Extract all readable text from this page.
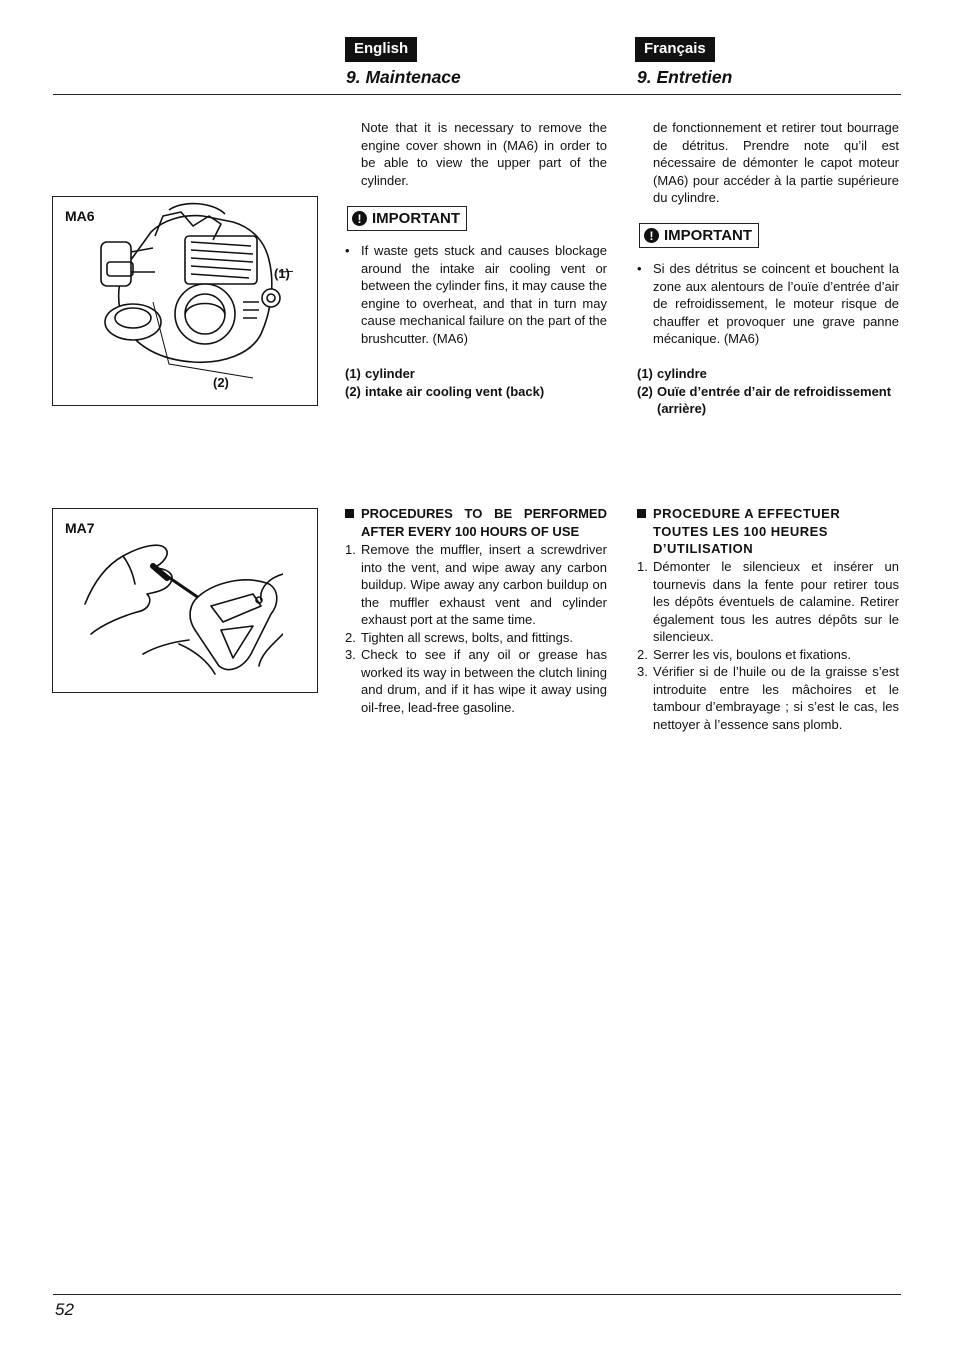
English	Français
9. Maintenace	9. Entretien
MA6
(1)
(2)
MA7
Note that it is necessary to remove the engine cover shown in (MA6) in order to be able to view the upper part of the cylinder.
! IMPORTANT
• If waste gets stuck and causes blockage around the intake air cooling vent or between the cylinder fins, it may cause the engine to overheat, and that in turn may cause mechanical failure on the part of the brushcutter. (MA6)
(1) cylinder
(2) intake air cooling vent (back)
PROCEDURES TO BE PERFORMED AFTER EVERY 100 HOURS OF USE
1. Remove the muffler, insert a screwdriver into the vent, and wipe away any carbon buildup. Wipe away any carbon buildup on the muffler exhaust vent and cylinder exhaust port at the same time.
2. Tighten all screws, bolts, and fittings.
3. Check to see if any oil or grease has worked its way in between the clutch lining and drum, and if it has wipe it away using oil-free, lead-free gasoline.
de fonctionnement et retirer tout bourrage de détritus. Prendre note qu’il est nécessaire de démonter le capot moteur (MA6) pour accéder à la partie supérieure du cylindre.
! IMPORTANT
• Si des détritus se coincent et bouchent la zone aux alentours de l’ouïe d’entrée d’air de refroidissement, le moteur risque de chauffer et provoquer une grave panne mécanique. (MA6)
(1) cylindre
(2) Ouïe d’entrée d’air de refroidissement (arrière)
PROCEDURE A EFFECTUER TOUTES LES 100 HEURES D’UTILISATION
1. Démonter le silencieux et insérer un tournevis dans la fente pour retirer tous les dépôts éventuels de calamine. Retirer également tous les autres dépôts sur le silencieux.
2. Serrer les vis, boulons et fixations.
3. Vérifier si de l’huile ou de la graisse s’est introduite entre les mâchoires et le tambour d’embrayage ; si s’est le cas, les nettoyer à l’essence sans plomb.
52
